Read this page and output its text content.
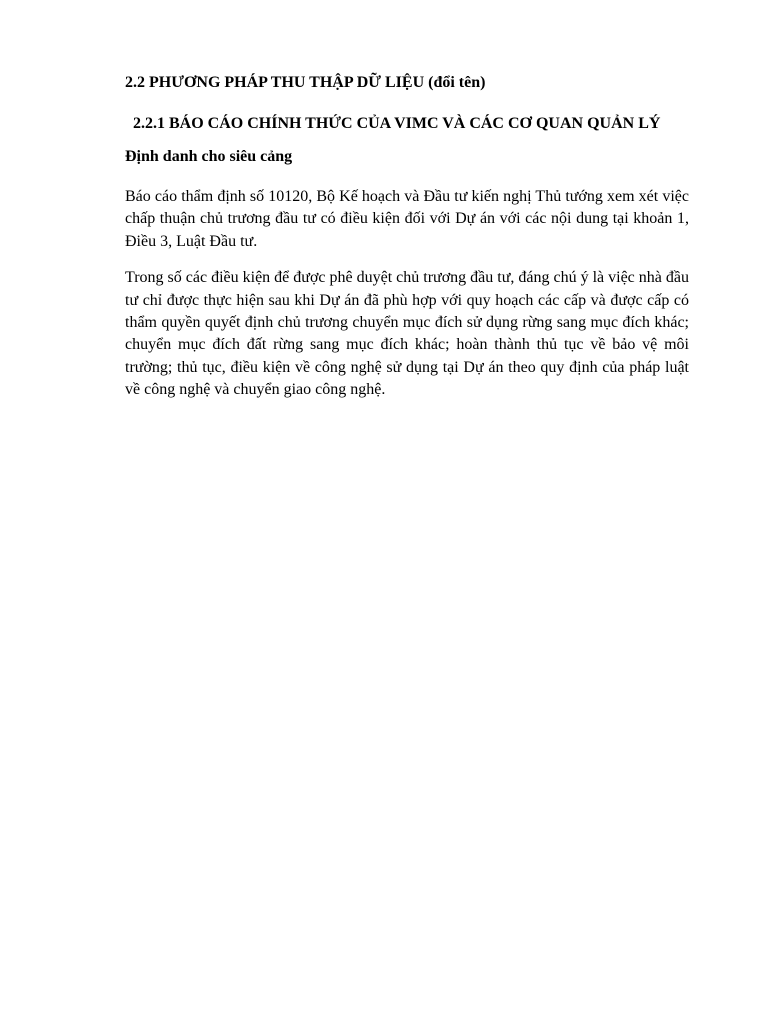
2.2 PHƯƠNG PHÁP THU THẬP DỮ LIỆU (đổi tên)
2.2.1 BÁO CÁO CHÍNH THỨC CỦA VIMC VÀ CÁC CƠ QUAN QUẢN LÝ
Định danh cho siêu cảng

Báo cáo thẩm định số 10120, Bộ Kế hoạch và Đầu tư kiến nghị Thủ tướng xem xét việc chấp thuận chủ trương đầu tư có điều kiện đối với Dự án với các nội dung tại khoản 1, Điều 3, Luật Đầu tư.

Trong số các điều kiện để được phê duyệt chủ trương đầu tư, đáng chú ý là việc nhà đầu tư chỉ được thực hiện sau khi Dự án đã phù hợp với quy hoạch các cấp và được cấp có thẩm quyền quyết định chủ trương chuyển mục đích sử dụng rừng sang mục đích khác; chuyển mục đích đất rừng sang mục đích khác; hoàn thành thủ tục về bảo vệ môi trường; thủ tục, điều kiện về công nghệ sử dụng tại Dự án theo quy định của pháp luật về công nghệ và chuyển giao công nghệ.
